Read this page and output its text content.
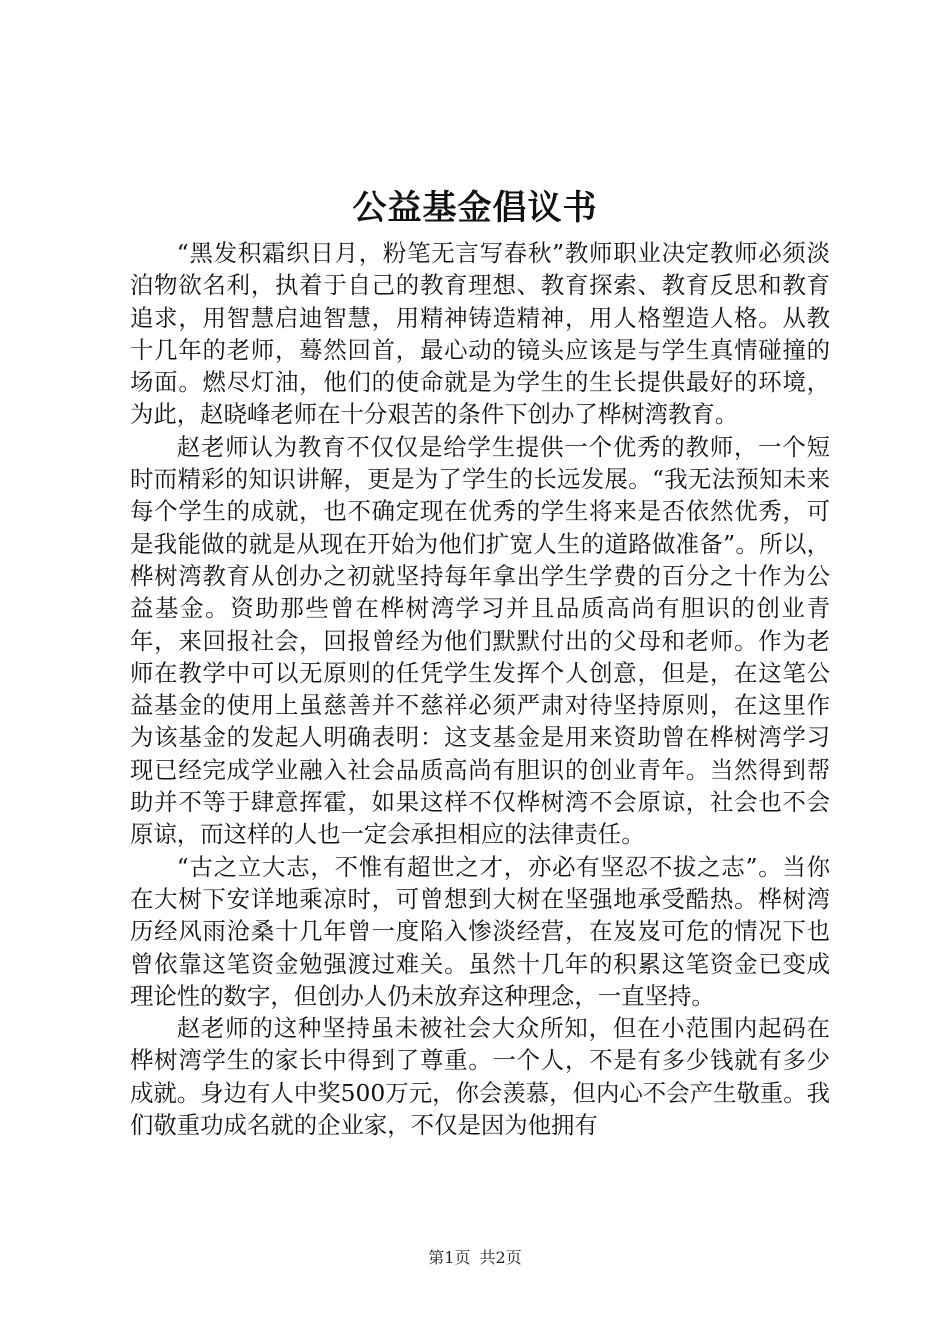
公益基金倡议书

“黑发积霜织日月，粉笔无言写春秋”教师职业决定教师必须淡泊物欲名利，执着于自己的教育理想、教育探索、教育反思和教育追求，用智慧启迪智慧，用精神铸造精神，用人格塑造人格。从教十几年的老师，蓦然回首，最心动的镜头应该是与学生真情碰撞的场面。燃尽灯油，他们的使命就是为学生的生长提供最好的环境，为此，赵晓峰老师在十分艰苦的条件下创办了桦树湾教育。

赵老师认为教育不仅仅是给学生提供一个优秀的教师，一个短时而精彩的知识讲解，更是为了学生的长远发展。“我无法预知未来每个学生的成就，也不确定现在优秀的学生将来是否依然优秀，可是我能做的就是从现在开始为他们扩宽人生的道路做准备”。所以，桦树湾教育从创办之初就坚持每年拿出学生学费的百分之十作为公益基金。资助那些曾在桦树湾学习并且品质高尚有胆识的创业青年，来回报社会，回报曾经为他们默默付出的父母和老师。作为老师在教学中可以无原则的任凭学生发挥个人创意，但是，在这笔公益基金的使用上虽慈善并不慈祥必须严肃对待坚持原则，在这里作为该基金的发起人明确表明：这支基金是用来资助曾在桦树湾学习现已经完成学业融入社会品质高尚有胆识的创业青年。当然得到帮助并不等于肆意挥霍，如果这样不仅桦树湾不会原谅，社会也不会原谅，而这样的人也一定会承担相应的法律责任。

“古之立大志，不惟有超世之才，亦必有坚忍不拔之志”。当你在大树下安详地乘凉时，可曾想到大树在坚强地承受酷热。桦树湾历经风雨沧桑十几年曾一度陷入惨淡经营，在岌岌可危的情况下也曾依靠这笔资金勉强渡过难关。虽然十几年的积累这笔资金已变成理论性的数字，但创办人仍未放弃这种理念，一直坚持。

赵老师的这种坚持虽未被社会大众所知，但在小范围内起码在桦树湾学生的家长中得到了尊重。一个人，不是有多少钱就有多少成就。身边有人中奖500万元，你会羡慕，但内心不会产生敬重。我们敬重功成名就的企业家，不仅是因为他拥有

第1页 共2页
